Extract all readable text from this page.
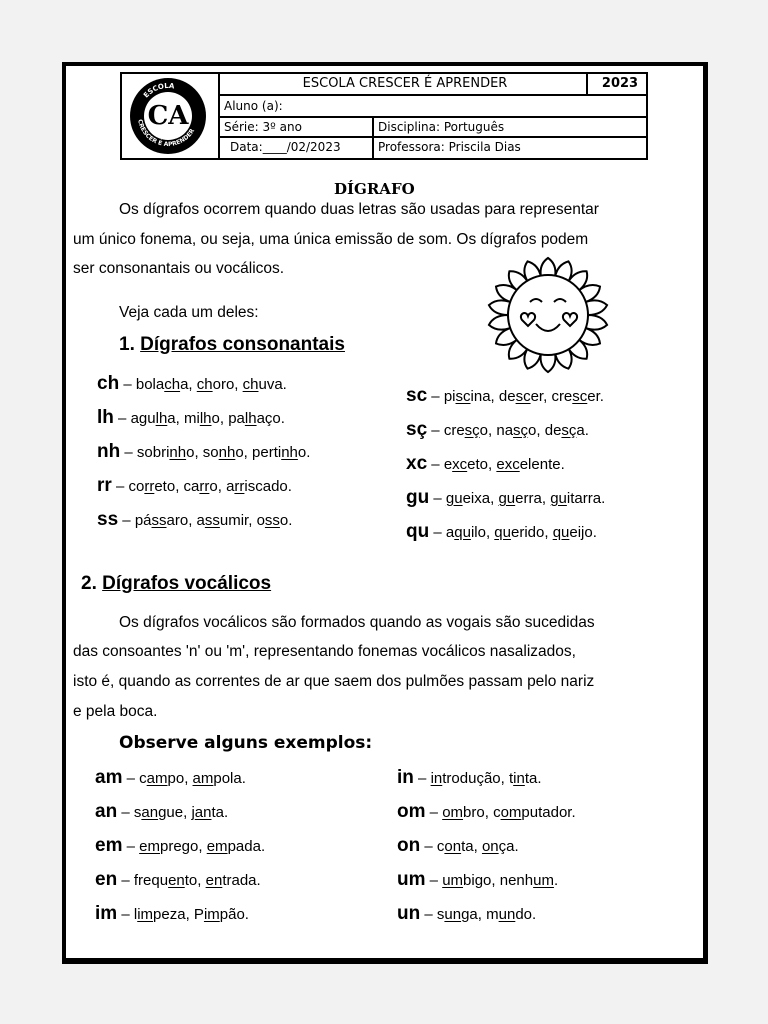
ESCOLA
CRESCER É APRENDER
CA
ESCOLA CRESCER É APRENDER	2023
Aluno (a):
Série: 3º ano	Disciplina: Português
Data:____/02/2023	Professora: Priscila Dias
DÍGRAFO
Os dígrafos ocorrem quando duas letras são usadas para representar
um único fonema, ou seja, uma única emissão de som. Os dígrafos podem
ser consonantais ou vocálicos.
Veja cada um deles:
1. Dígrafos consonantais
ch – bolacha, choro, chuva.
lh – agulha, milho, palhaço.
nh – sobrinho, sonho, pertinho.
rr – correto, carro, arriscado.
ss – pássaro, assumir, osso.
sc – piscina, descer, crescer.
sç – cresço, nasço, desça.
xc – exceto, excelente.
gu – gueixa, guerra, guitarra.
qu – aquilo, querido, queijo.
2. Dígrafos vocálicos
Os dígrafos vocálicos são formados quando as vogais são sucedidas
das consoantes 'n' ou 'm', representando fonemas vocálicos nasalizados,
isto é, quando as correntes de ar que saem dos pulmões passam pelo nariz
e pela boca.
Observe alguns exemplos:
am – campo, ampola.
an – sangue, janta.
em – emprego, empada.
en – frequento, entrada.
im – limpeza, Pimpão.
in – introdução, tinta.
om – ombro, computador.
on – conta, onça.
um – umbigo, nenhum.
un – sunga, mundo.
